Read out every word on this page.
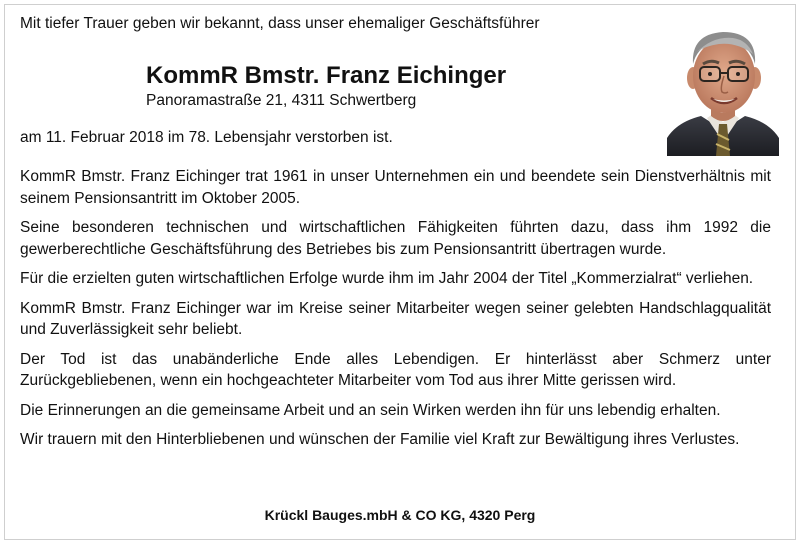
Mit tiefer Trauer geben wir bekannt, dass unser ehemaliger Geschäftsführer

KommR Bmstr. Franz Eichinger

Panoramastraße 21, 4311 Schwertberg

am 11. Februar 2018 im 78. Lebensjahr verstorben ist.

KommR Bmstr. Franz Eichinger trat 1961 in unser Unternehmen ein und beendete sein Dienstverhältnis mit seinem Pensionsantritt im Oktober 2005.

Seine besonderen technischen und wirtschaftlichen Fähigkeiten führten dazu, dass ihm 1992 die gewerberechtliche Geschäftsführung des Betriebes bis zum Pensionsantritt übertragen wurde.

Für die erzielten guten wirtschaftlichen Erfolge wurde ihm im Jahr 2004 der Titel „Kommerzialrat“ verliehen.

KommR Bmstr. Franz Eichinger war im Kreise seiner Mitarbeiter wegen seiner gelebten Handschlagqualität und Zuverlässigkeit sehr beliebt.

Der Tod ist das unabänderliche Ende alles Lebendigen. Er hinterlässt aber Schmerz unter Zurückgebliebenen, wenn ein hochgeachteter Mitarbeiter vom Tod aus ihrer Mitte gerissen wird.

Die Erinnerungen an die gemeinsame Arbeit und an sein Wirken werden ihn für uns lebendig erhalten.

Wir trauern mit den Hinterbliebenen und wünschen der Familie viel Kraft zur Bewältigung ihres Verlustes.

Krückl Bauges.mbH & CO KG, 4320 Perg
